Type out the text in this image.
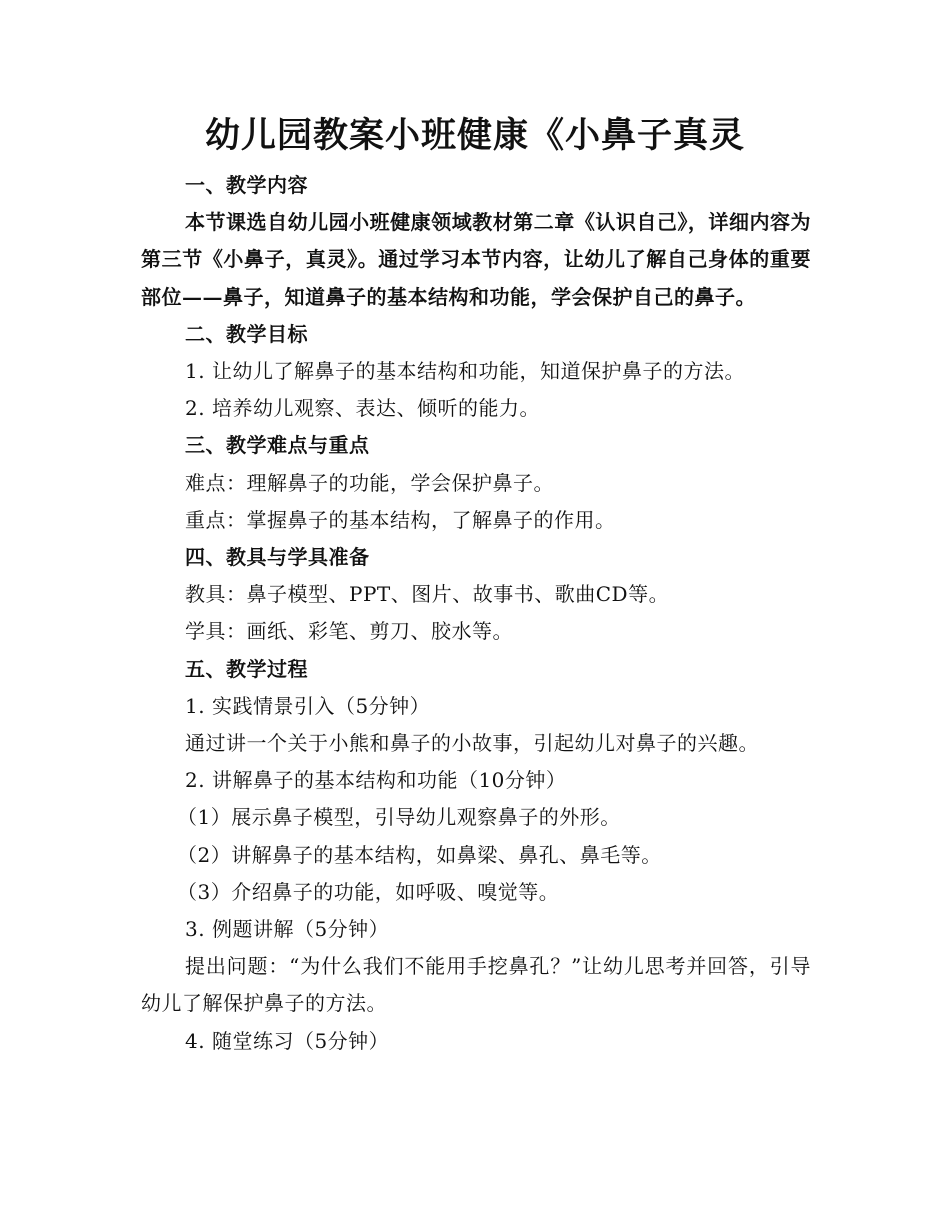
幼儿园教案小班健康《小鼻子真灵
一、教学内容
本节课选自幼儿园小班健康领域教材第二章《认识自己》，详细内容为第三节《小鼻子，真灵》。通过学习本节内容，让幼儿了解自己身体的重要部位——鼻子，知道鼻子的基本结构和功能，学会保护自己的鼻子。
二、教学目标
1. 让幼儿了解鼻子的基本结构和功能，知道保护鼻子的方法。
2. 培养幼儿观察、表达、倾听的能力。
三、教学难点与重点
难点：理解鼻子的功能，学会保护鼻子。
重点：掌握鼻子的基本结构，了解鼻子的作用。
四、教具与学具准备
教具：鼻子模型、PPT、图片、故事书、歌曲CD等。
学具：画纸、彩笔、剪刀、胶水等。
五、教学过程
1. 实践情景引入（5分钟）
通过讲一个关于小熊和鼻子的小故事，引起幼儿对鼻子的兴趣。
2. 讲解鼻子的基本结构和功能（10分钟）
（1）展示鼻子模型，引导幼儿观察鼻子的外形。
（2）讲解鼻子的基本结构，如鼻梁、鼻孔、鼻毛等。
（3）介绍鼻子的功能，如呼吸、嗅觉等。
3. 例题讲解（5分钟）
提出问题：“为什么我们不能用手挖鼻孔？”让幼儿思考并回答，引导幼儿了解保护鼻子的方法。
4. 随堂练习（5分钟）
